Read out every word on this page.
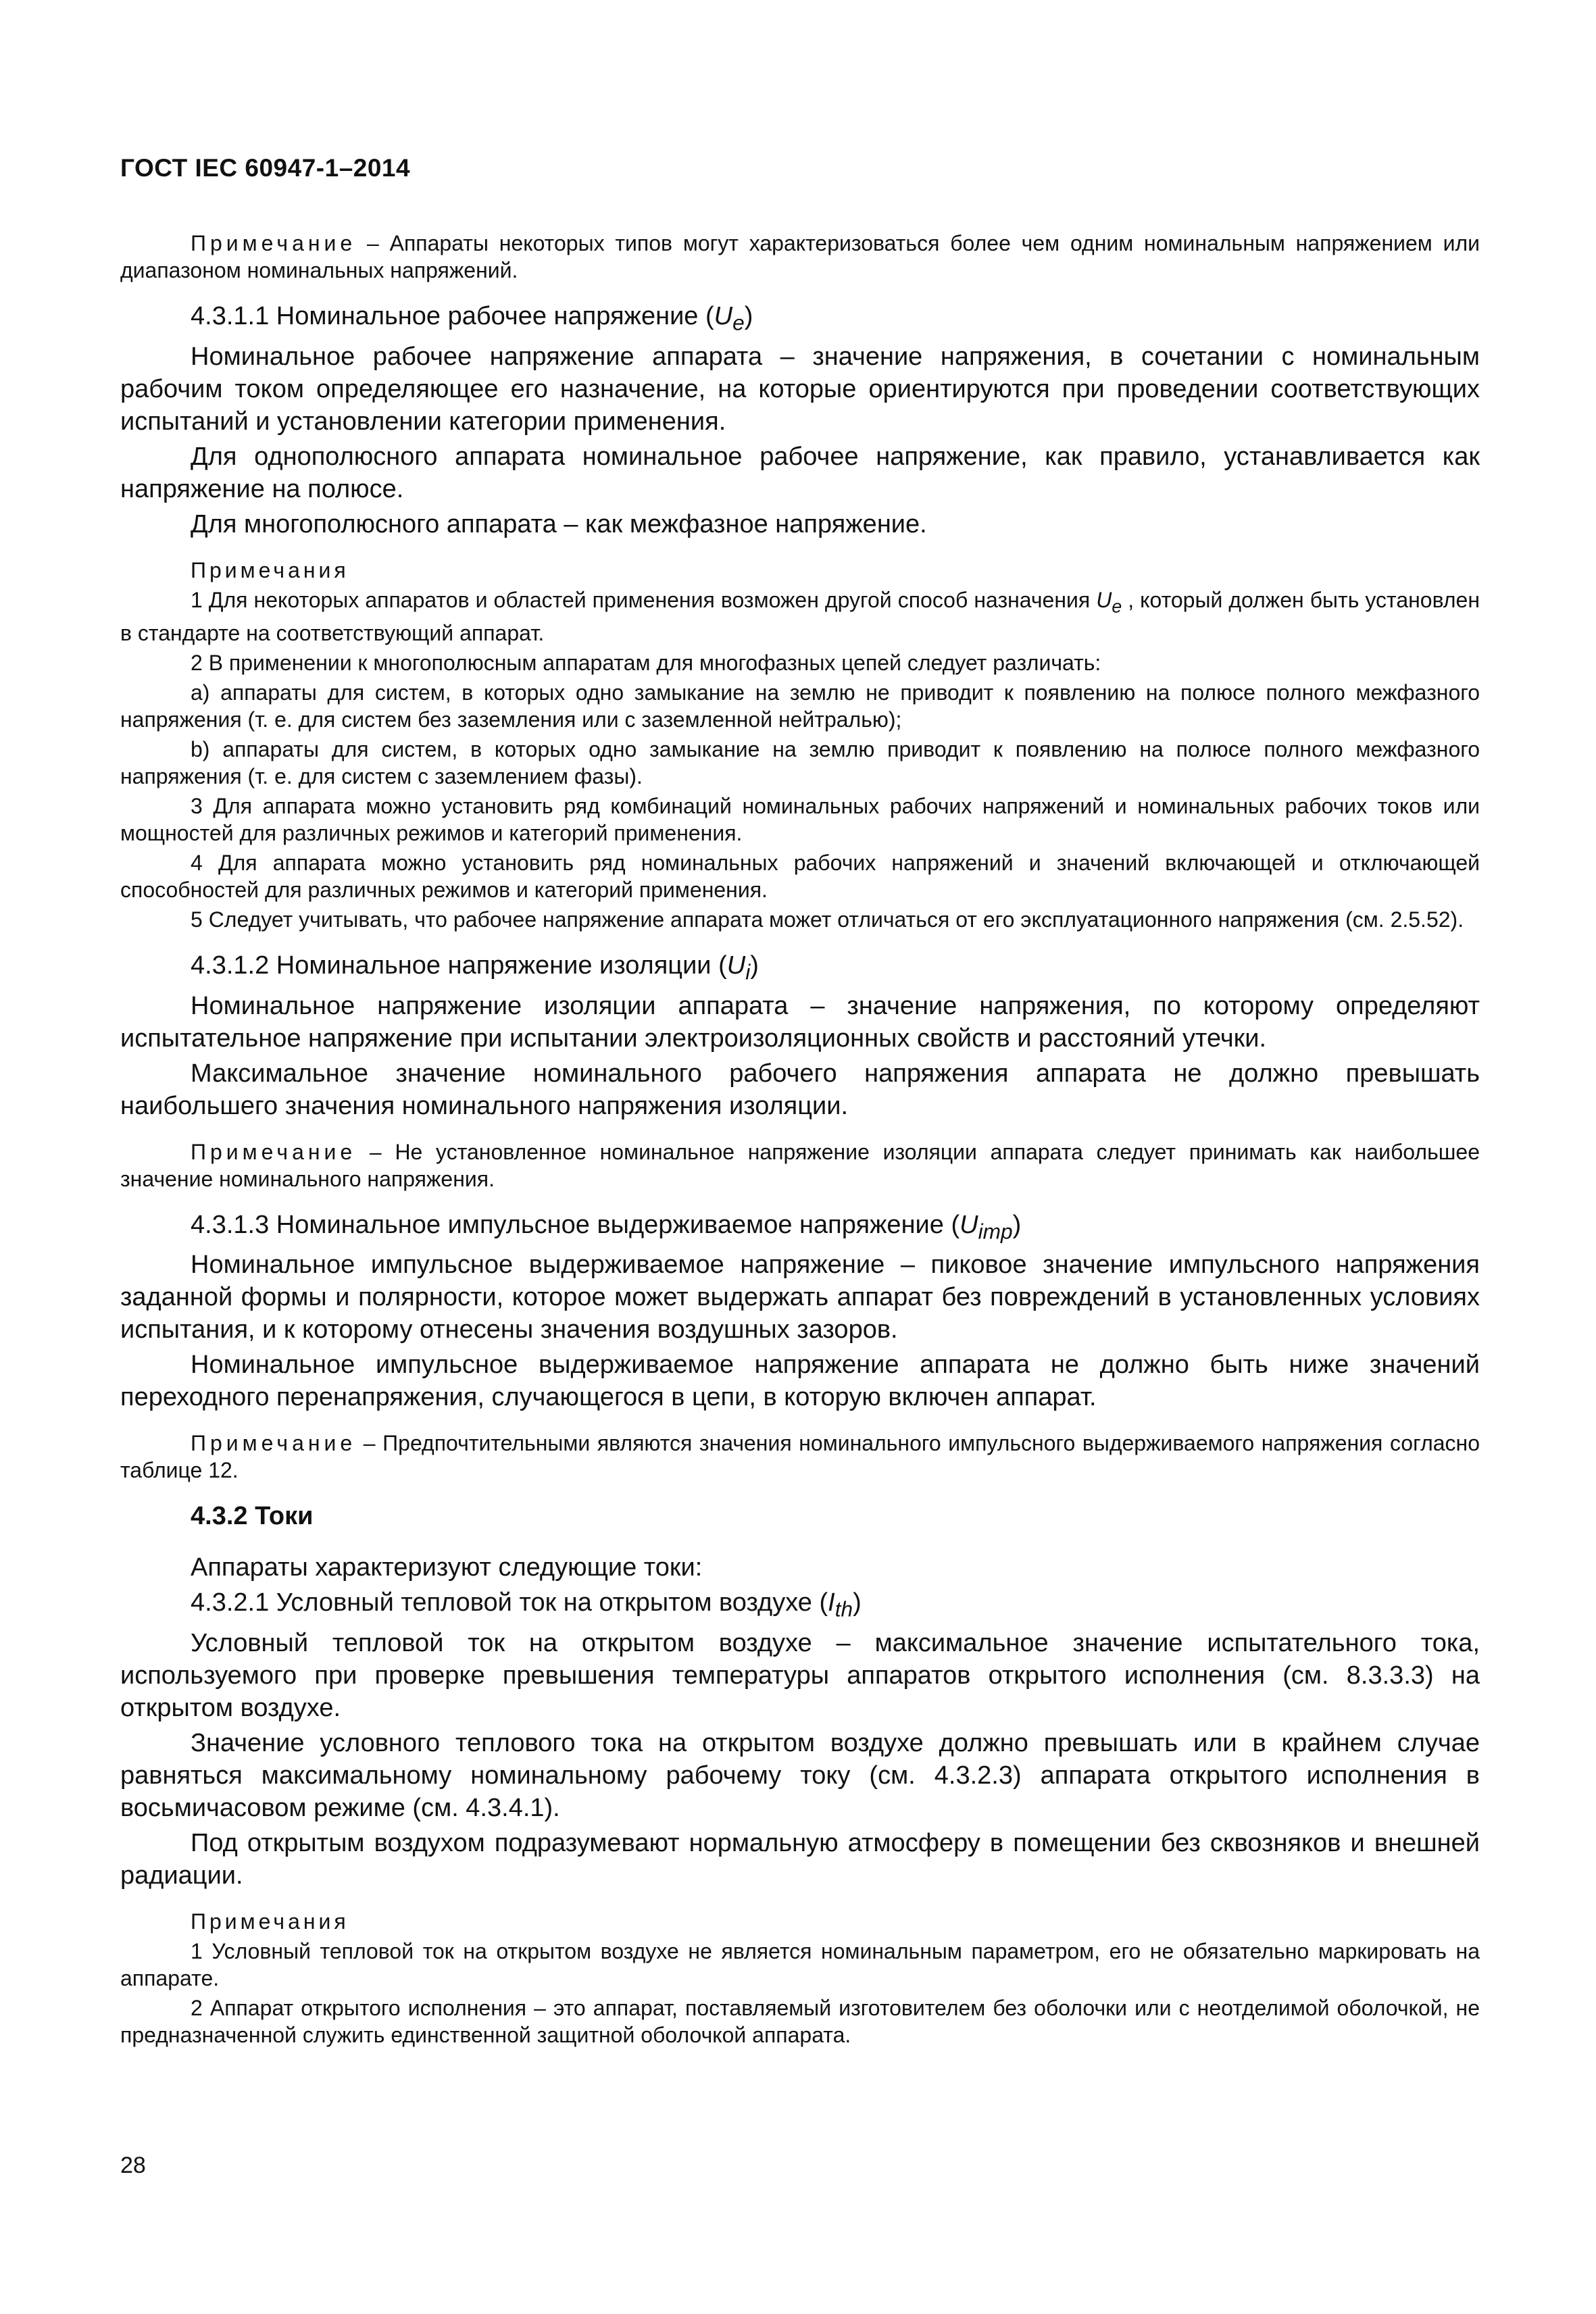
ГОСТ IEC 60947-1–2014

Примечание – Аппараты некоторых типов могут характеризоваться более чем одним номинальным напряжением или диапазоном номинальных напряжений.

4.3.1.1 Номинальное рабочее напряжение $(U_e)$

Номинальное рабочее напряжение аппарата – значение напряжения, в сочетании с номинальным рабочим током определяющее его назначение, на которые ориентируются при проведении соответствующих испытаний и установлении категории применения.

Для однополюсного аппарата номинальное рабочее напряжение, как правило, устанавливается как напряжение на полюсе.

Для многополюсного аппарата – как межфазное напряжение.

Примечания

1 Для некоторых аппаратов и областей применения возможен другой способ назначения $U_e$ , который должен быть установлен в стандарте на соответствующий аппарат.

2 В применении к многополюсным аппаратам для многофазных цепей следует различать:

а) аппараты для систем, в которых одно замыкание на землю не приводит к появлению на полюсе полного межфазного напряжения (т. е. для систем без заземления или с заземленной нейтралью);

b) аппараты для систем, в которых одно замыкание на землю приводит к появлению на полюсе полного межфазного напряжения (т. е. для систем с заземлением фазы).

3 Для аппарата можно установить ряд комбинаций номинальных рабочих напряжений и номинальных рабочих токов или мощностей для различных режимов и категорий применения.

4 Для аппарата можно установить ряд номинальных рабочих напряжений и значений включающей и отключающей способностей для различных режимов и категорий применения.

5 Следует учитывать, что рабочее напряжение аппарата может отличаться от его эксплуатационного напряжения (см. 2.5.52).

4.3.1.2 Номинальное напряжение изоляции $(U_i)$

Номинальное напряжение изоляции аппарата – значение напряжения, по которому определяют испытательное напряжение при испытании электроизоляционных свойств и расстояний утечки.

Максимальное значение номинального рабочего напряжения аппарата не должно превышать наибольшего значения номинального напряжения изоляции.

Примечание – Не установленное номинальное напряжение изоляции аппарата следует принимать как наибольшее значение номинального напряжения.

4.3.1.3 Номинальное импульсное выдерживаемое напряжение $(U_{imp})$

Номинальное импульсное выдерживаемое напряжение – пиковое значение импульсного напряжения заданной формы и полярности, которое может выдержать аппарат без повреждений в установленных условиях испытания, и к которому отнесены значения воздушных зазоров.

Номинальное импульсное выдерживаемое напряжение аппарата не должно быть ниже значений переходного перенапряжения, случающегося в цепи, в которую включен аппарат.

Примечание – Предпочтительными являются значения номинального импульсного выдерживаемого напряжения согласно таблице 12.

4.3.2 Токи

Аппараты характеризуют следующие токи:

4.3.2.1 Условный тепловой ток на открытом воздухе $(I_{th})$

Условный тепловой ток на открытом воздухе – максимальное значение испытательного тока, используемого при проверке превышения температуры аппаратов открытого исполнения (см. 8.3.3.3) на открытом воздухе.

Значение условного теплового тока на открытом воздухе должно превышать или в крайнем случае равняться максимальному номинальному рабочему току (см. 4.3.2.3) аппарата открытого исполнения в восьмичасовом режиме (см. 4.3.4.1).

Под открытым воздухом подразумевают нормальную атмосферу в помещении без сквозняков и внешней радиации.

Примечания

1 Условный тепловой ток на открытом воздухе не является номинальным параметром, его не обязательно маркировать на аппарате.

2 Аппарат открытого исполнения – это аппарат, поставляемый изготовителем без оболочки или с неотделимой оболочкой, не предназначенной служить единственной защитной оболочкой аппарата.

28
